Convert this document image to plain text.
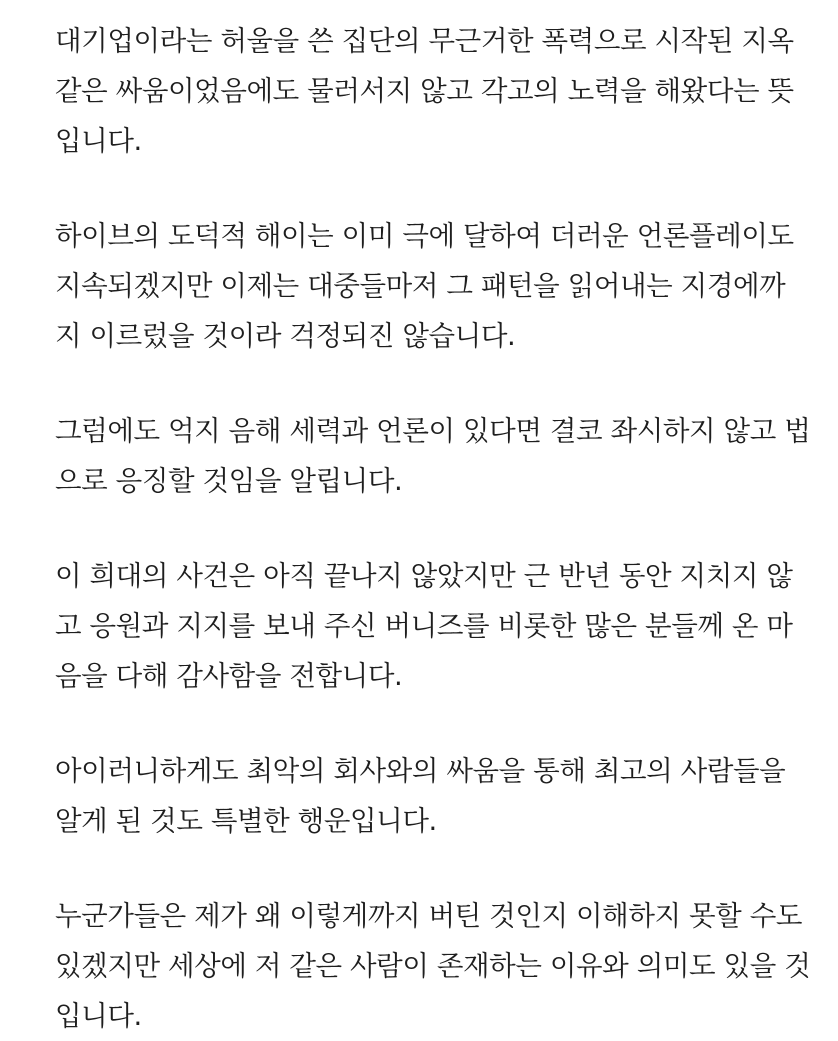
대기업이라는 허울을 쓴 집단의 무근거한 폭력으로 시작된 지옥
같은 싸움이었음에도 물러서지 않고 각고의 노력을 해왔다는 뜻
입니다.

하이브의 도덕적 해이는 이미 극에 달하여 더러운 언론플레이도
지속되겠지만 이제는 대중들마저 그 패턴을 읽어내는 지경에까
지 이르렀을 것이라 걱정되진 않습니다.

그럼에도 억지 음해 세력과 언론이 있다면 결코 좌시하지 않고 법
으로 응징할 것임을 알립니다.

이 희대의 사건은 아직 끝나지 않았지만 근 반년 동안 지치지 않
고 응원과 지지를 보내 주신 버니즈를 비롯한 많은 분들께 온 마
음을 다해 감사함을 전합니다.

아이러니하게도 최악의 회사와의 싸움을 통해 최고의 사람들을
알게 된 것도 특별한 행운입니다.

누군가들은 제가 왜 이렇게까지 버틴 것인지 이해하지 못할 수도
있겠지만 세상에 저 같은 사람이 존재하는 이유와 의미도 있을 것
입니다.
